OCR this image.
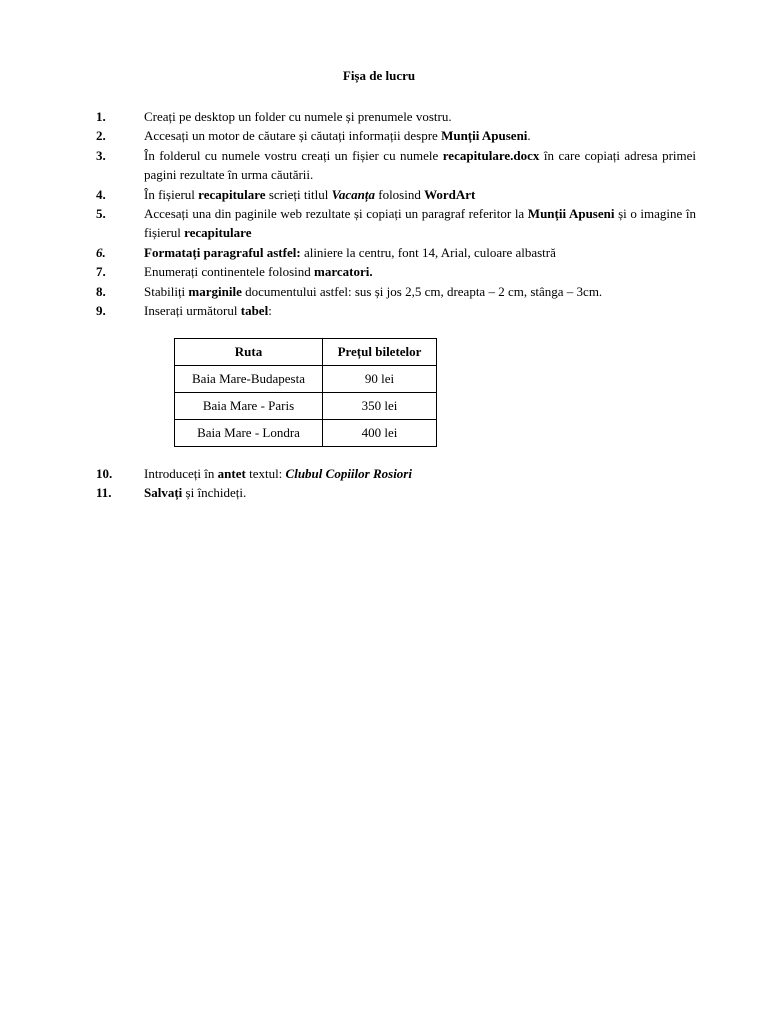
Fișa de lucru
1.	Creați pe desktop un folder cu numele și prenumele vostru.
2.	Accesați un motor de căutare și căutați informații despre Munții Apuseni.
3.	În folderul cu numele vostru creați un fișier cu numele recapitulare.docx în care copiați adresa primei pagini rezultate în urma căutării.
4.	În fișierul recapitulare scrieți titlul Vacanța folosind WordArt
5.	Accesați una din paginile web rezultate și copiați un paragraf referitor la Munții Apuseni și o imagine în fișierul recapitulare
6.	Formatați paragraful astfel: aliniere la centru, font 14, Arial, culoare albastră
7.	Enumerați continentele folosind marcatori.
8.	Stabiliți marginile documentului astfel: sus și jos 2,5 cm, dreapta – 2 cm, stânga – 3cm.
9.	Inserați următorul tabel:
Ruta	Prețul biletelor
Baia Mare-Budapesta	90 lei
Baia Mare - Paris	350 lei
Baia Mare - Londra	400 lei
10.	Introduceți în antet textul: Clubul Copiilor Rosiori
11.	Salvați și închideți.
